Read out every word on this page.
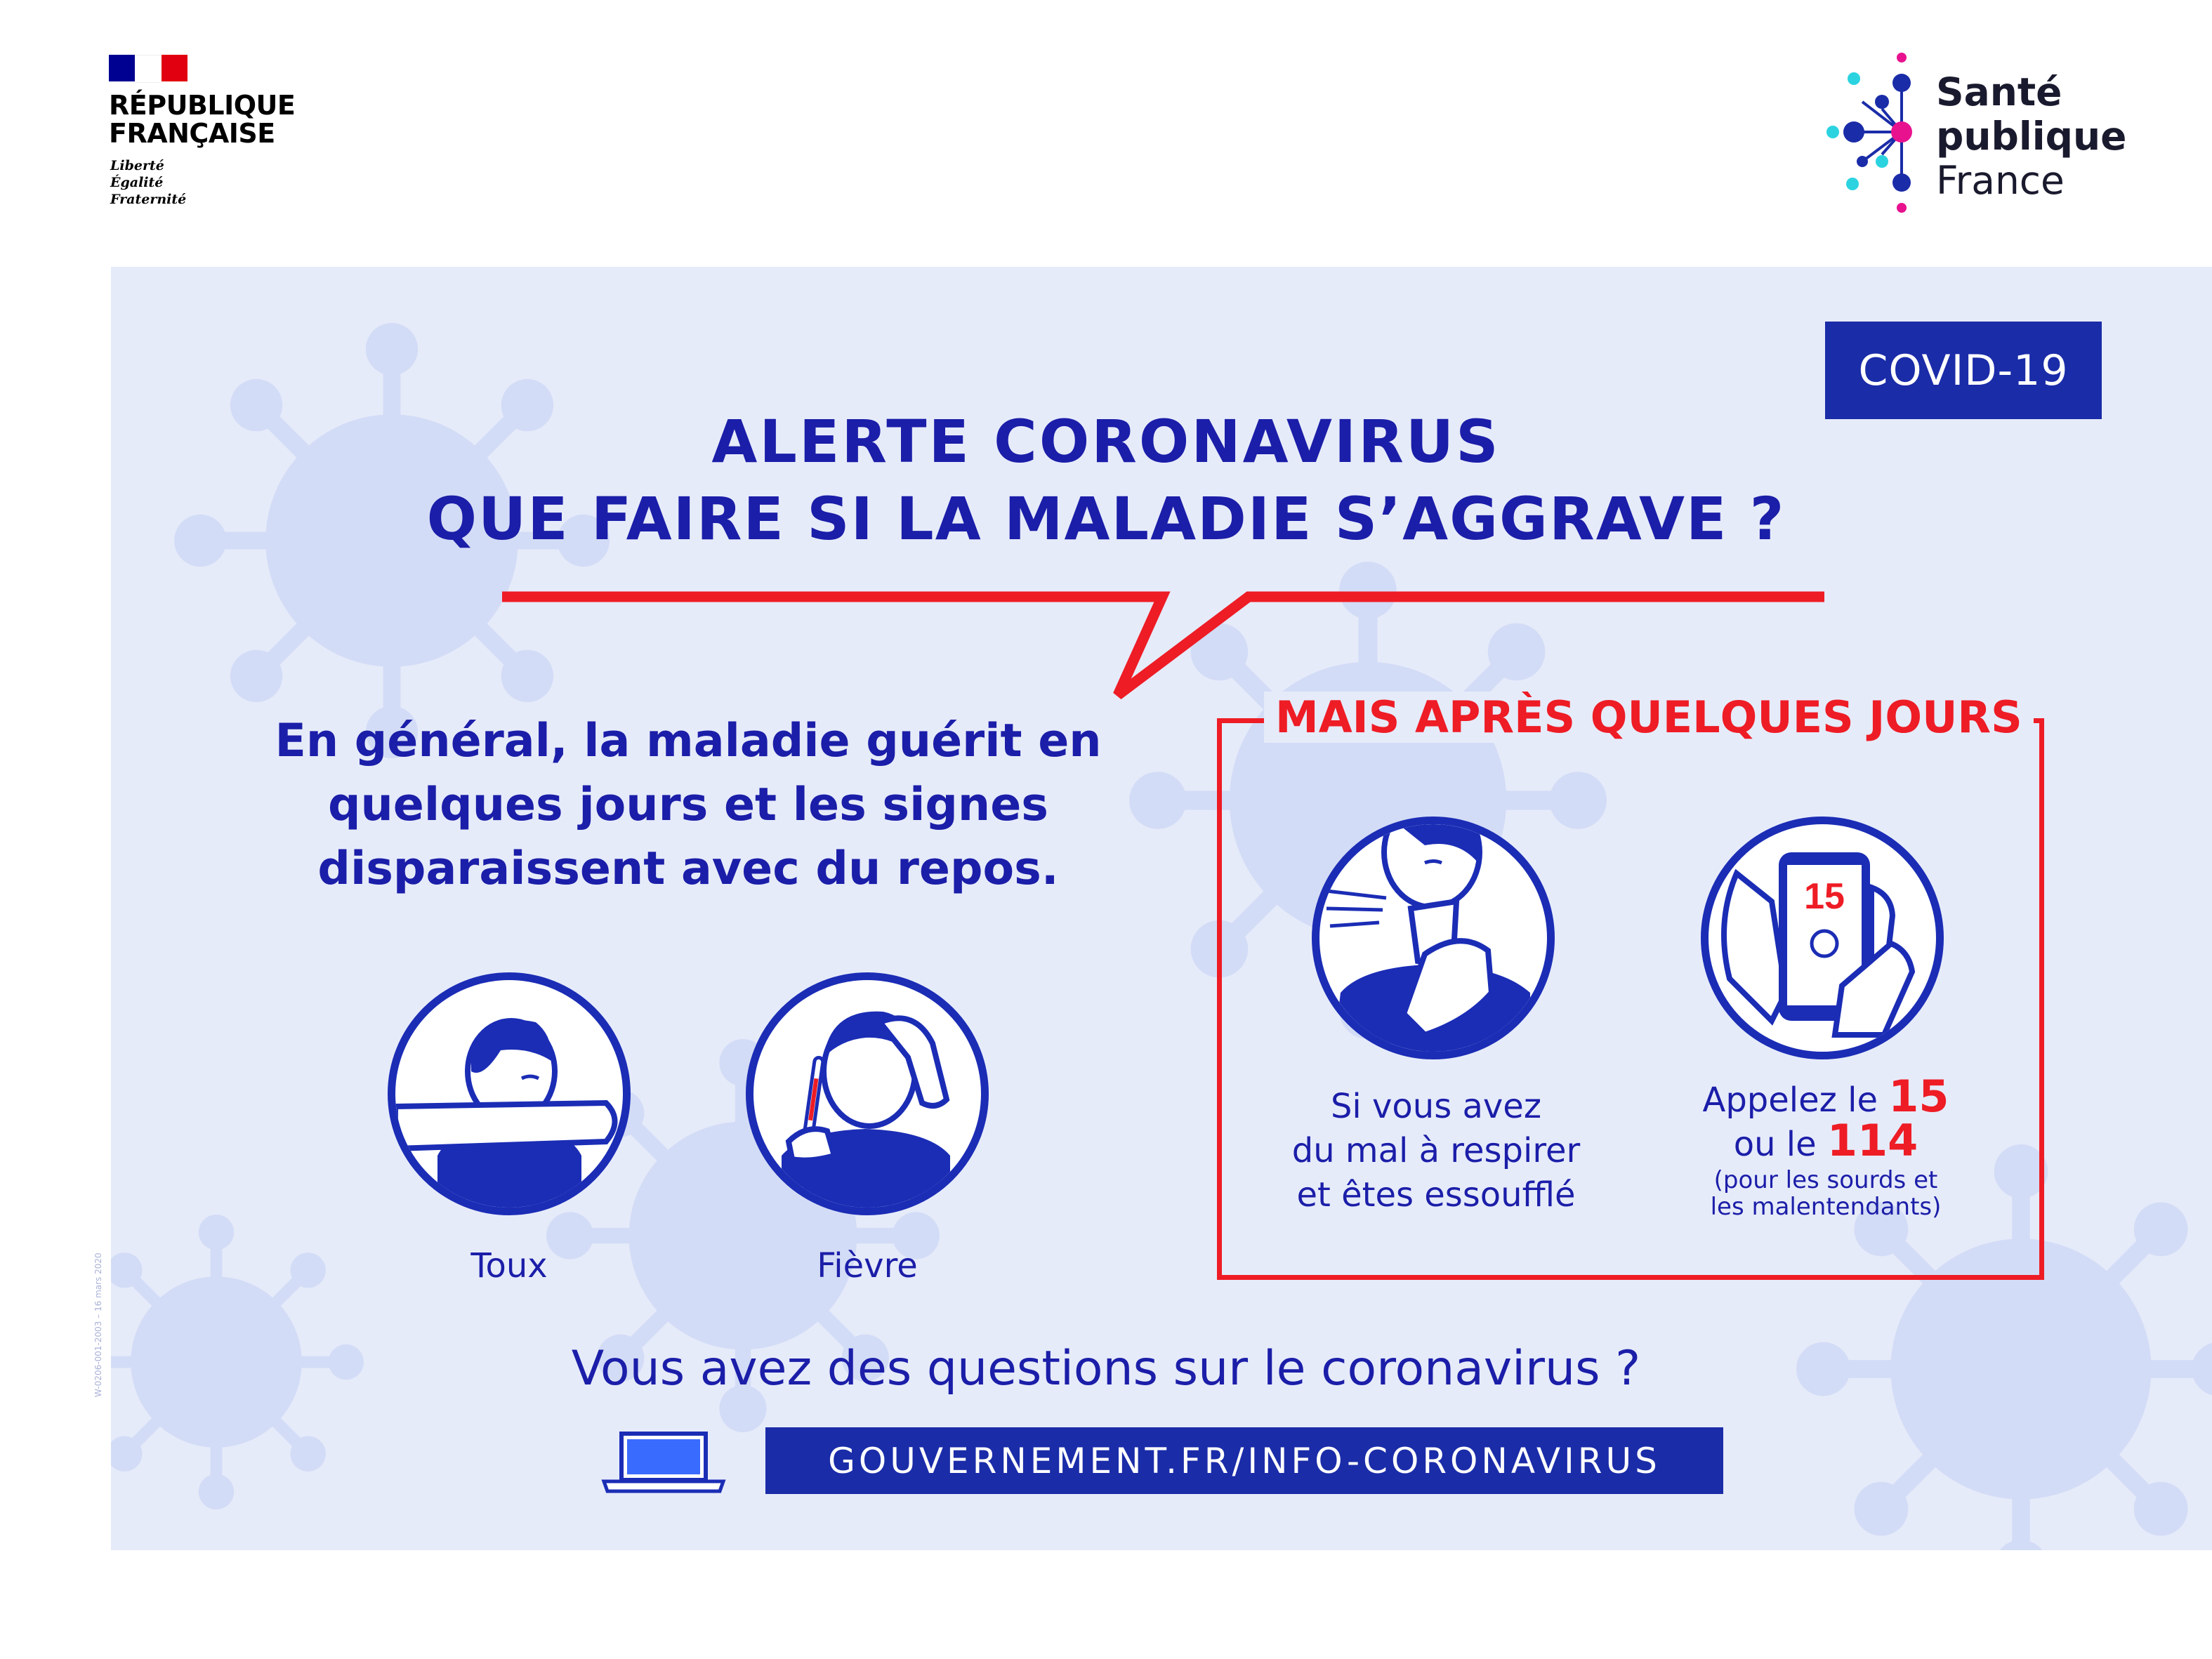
RÉPUBLIQUE
FRANÇAISE
Liberté
Égalité
Fraternité
Santé
publique
France
COVID-19
ALERTE CORONAVIRUS
QUE FAIRE SI LA MALADIE S’AGGRAVE ?
En général, la maladie guérit en quelques jours et les signes disparaissent avec du repos.
Toux	Fièvre
MAIS APRÈS QUELQUES JOURS
Si vous avez
du mal à respirer
et êtes essoufflé
15
Appelez le 15
ou le 114
(pour les sourds et
les malentendants)
Vous avez des questions sur le coronavirus ?
GOUVERNEMENT.FR/INFO-CORONAVIRUS
W-0206-001-2003 – 16 mars 2020
